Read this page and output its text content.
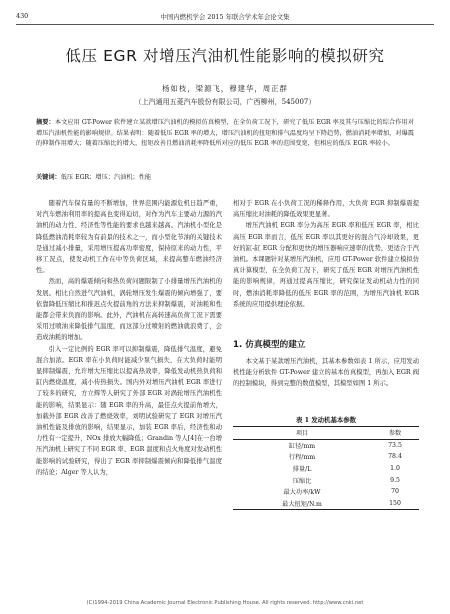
430	中国内燃机学会 2015 年联合学术年会论文集
低压 EGR 对增压汽油机性能影响的模拟研究
杨如枝，梁源飞，穆建华，周正群
（上汽通用五菱汽车股份有限公司，广西柳州，545007）
摘要：本文应用 GT-Power 软件建立某款增压汽油机的模拟仿真模型，在全负荷工况下，研究了低压 EGR 率及其与压缩比的综合作用对增压汽油机性能的影响规律。结果表明：随着低压 EGR 率的增大，增压汽油机的扭矩和排气温度均呈下降趋势，燃油消耗率增加，对爆震的抑制作用增大；随着压缩比的增大，扭矩改善且燃油消耗率降低所对应的低压 EGR 率的范围变宽，但相应的低压 EGR 率较小。
关键词：低压 EGR；增压；汽油机；性能

随着汽车保有量的不断增加，世界范围内能源危机日趋严重，对汽车燃油利用率的提高也变得迫切，对作为汽车主要动力源的汽油机的动力性、经济性等性能的要求也越来越高。汽油机小型化是降低燃油消耗率较为有前景的技术之一，而小型化节油的关键技术是通过减小排量，采用增压提高功率密度，保持原来的动力性，平移工况点，使发动机工作在中等负荷区域，来提高整车燃油经济性。

然而，高的爆震倾向和热负荷问题限制了小排量增压汽油机的发展。相比自然进气汽油机，涡轮增压发生爆震的倾向增强了，要依靠降低压缩比和推迟点火提前角的方法来抑制爆震，对油耗和性能都会带来负面的影响。此外，汽油机在高转速高负荷工况下需要采用过喷油来降低排气温度，而这部分过喷射的燃油就浪费了，会造成油耗的增加。

引入一定比例的 EGR 率可以抑制爆震，降低排气温度，避免混合加浓。EGR 率在小负荷时能减少泵气损失，在大负荷时能明显抑制爆震，允许增大压缩比以提高热效率，降低发动机热负荷和缸内燃烧温度，减小传热损失。国内外对增压汽油机 EGR 率进行了较多的研究，方立辉等人研究了外部 EGR 对涡轮增压汽油机性能的影响，结果显示：随 EGR 率的升高，最佳点火提前角增大，加载外部 EGR 改善了燃烧效率，刘明试验研究了 EGR 对增压汽油机性能及排放的影响，结果显示，加装 EGR 率后，经济性和动力性有一定提升，NOx 排放大幅降低；Grandin 等人[4]在一台增压汽油机上研究了不同 EGR 率、EGR 温度和点火角度对发动机性能影响的试验研究，得出了 EGR 率抑制爆震倾向和降低排气温度的结论；Alger 等人认为，

相对于 EGR 在小负荷工况的稀释作用，大负荷 EGR 抑制爆震提高压缩比对油耗的降低效果更显著。

增压汽油机 EGR 率分为高压 EGR 率和低压 EGR 率，相比高压 EGR 率而言，低压 EGR 率以其更好的混合气冷却效果，更好的缸-缸 EGR 分配和更快的增压器响应速率的优势，更适合于汽油机。本课题针对某增压汽油机，应用 GT-Power 软件建立模拟仿真计算模型，在全负荷工况下，研究了低压 EGR 对增压汽油机性能的影响规律，再通过提高压缩比，研究保证发动机动力性的同时，燃油消耗率降低的低压 EGR 率的范围，为增压汽油机 EGR 系统的应用提供理论依据。

1. 仿真模型的建立

本文基于某款增压汽油机，其基本参数如表 1 所示，应用发动机性能分析软件 GT-Power 建立的基本仿真模型，再加入 EGR 阀的控制模块，得到完整的数值模型，其模型如图 1 所示。

表 1 发动机基本参数
项目	参数
缸径/mm	73.5
行程/mm	78.4
排量/L	1.0
压缩比	9.5
最大功率/kW	70
最大扭矩/N.m	150
(C)1994-2019 China Academic Journal Electronic Publishing House. All rights reserved. http://www.cnki.net
